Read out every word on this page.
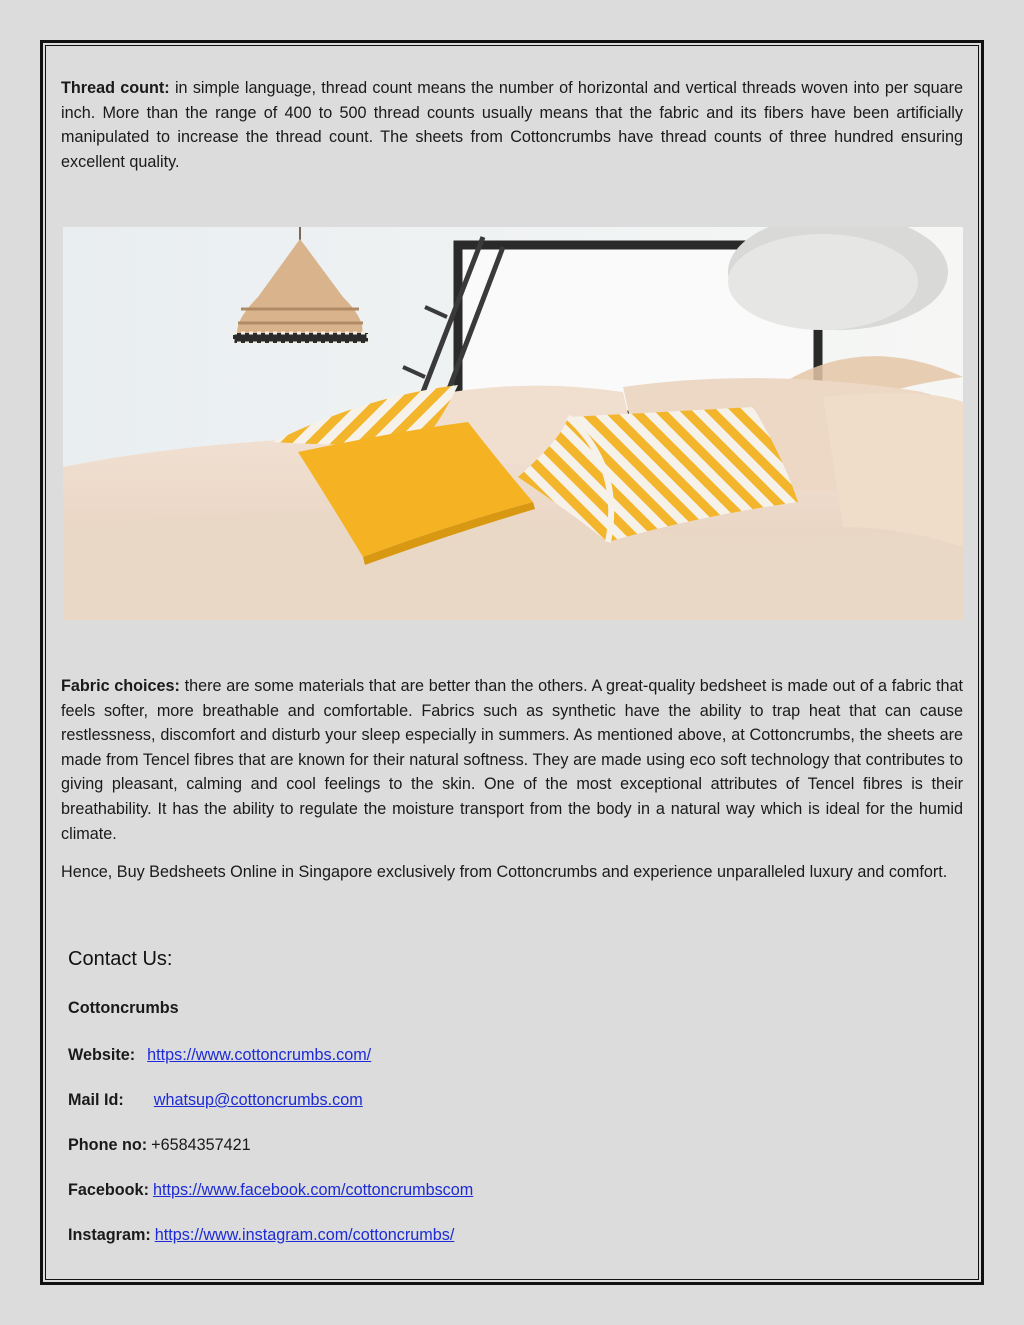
Thread count: in simple language, thread count means the number of horizontal and vertical threads woven into per square inch. More than the range of 400 to 500 thread counts usually means that the fabric and its fibers have been artificially manipulated to increase the thread count. The sheets from Cottoncrumbs have thread counts of three hundred ensuring excellent quality.

Fabric choices: there are some materials that are better than the others. A great-quality bedsheet is made out of a fabric that feels softer, more breathable and comfortable. Fabrics such as synthetic have the ability to trap heat that can cause restlessness, discomfort and disturb your sleep especially in summers. As mentioned above, at Cottoncrumbs, the sheets are made from Tencel fibres that are known for their natural softness. They are made using eco soft technology that contributes to giving pleasant, calming and cool feelings to the skin. One of the most exceptional attributes of Tencel fibres is their breathability. It has the ability to regulate the moisture transport from the body in a natural way which is ideal for the humid climate.

Hence, Buy Bedsheets Online in Singapore exclusively from Cottoncrumbs and experience unparalleled luxury and comfort.

Contact Us:

Cottoncrumbs

Website: https://www.cottoncrumbs.com/

Mail Id: whatsup@cottoncrumbs.com

Phone no: +6584357421

Facebook: https://www.facebook.com/cottoncrumbscom

Instagram: https://www.instagram.com/cottoncrumbs/
